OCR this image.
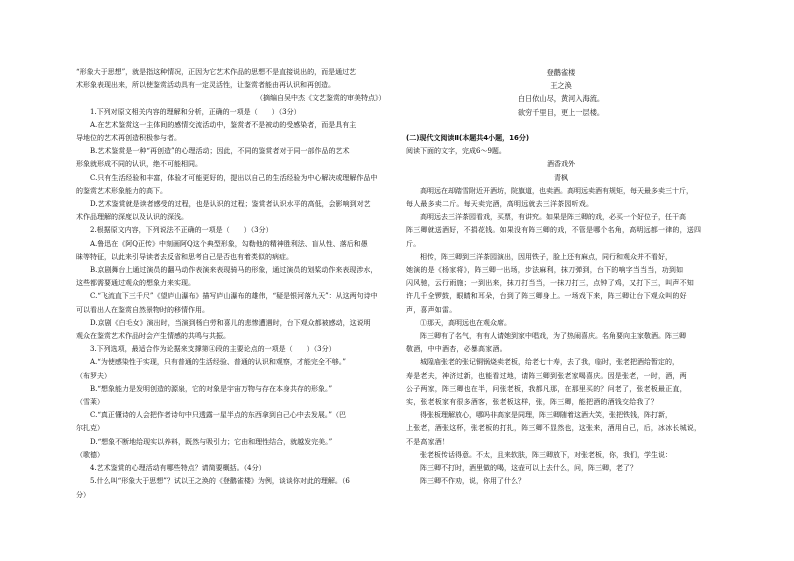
“形象大于思想”，就是指这种情况，正因为它艺术作品的思想不是直接说出的，而是通过艺

术形象表现出来，所以使鉴赏活动具有一定灵活性，让鉴赏者能由再认识和再创造。

（摘编自吴中杰《文艺鉴赏的审美特点》）

1.下列对原文相关内容的理解和分析，正确的一项是（　　）（3分）

A.在艺术鉴赏这一主体间的感情交流活动中，鉴赏者不是被动的受感染者，而是具有主

导地位的艺术再创造积极参与者。

B.艺术鉴赏是一种“再创造”的心理活动；因此，不同的鉴赏者对于同一部作品的艺术

形象就形成不同的认识，绝不可能相同。

C.只有生活经验和丰富，体验才可能更好的，提出以自己的生活经验为中心解决或理解作品中

的鉴赏艺术形象能力的高下。

D.艺术鉴赏就是读者感受的过程，也是认识的过程；鉴赏者认识水平的高低，会影响到对艺

术作品理解的深度以及认识的深浅。

2.根据原文内容，下列说法不正确的一项是（　　）（3分）

A.鲁迅在《阿Q正传》中刻画阿Q这个典型形象，勾勒他的精神胜利法、盲从性、落后和愚

昧等特征，以此来引导读者去反省和思考自己是否也有着类似的病症。

B.京剧舞台上通过演员的翻马动作表演来表现骑马的形象，通过演员的划桨动作来表现涉水，

这些都需要通过观众的想象力来实现。

C.“飞流直下三千尺”《望庐山瀑布》描写庐山瀑布的雄伟，“疑是银河落九天”：从这两句诗中

可以看出人在鉴赏自然景物时的移情作用。

D.京剧《白毛女》演出时，当演到杨白劳和喜儿的悲惨遭遇时，台下观众都被感动，这说明

观众在鉴赏艺术作品时会产生情感的共鸣与共振。

3.下列选项，最适合作为论据来支撑第④段的主要论点的一项是（　　）（3分）

A.“为使感染性于实现，只有普通的生活经验、普通的认识和观察，才能完全不够。”

（布罗夫）

B.“想象能力是发明创造的源泉，它的对象是宇宙万物与存在本身共存的形象。”

（雪莱）

C.“真正懂诗的人会把作者诗句中只透露一星半点的东西拿到自己心中去发展。”（巴

尔扎克）

D.“想象不断地给现实以养料，既然与吸引力；它由和理性结合，就越发完美。”

（歌德）

4.艺术鉴赏的心理活动有哪些特点？请简要概括。（4分）

5.什么叫“形象大于思想”？试以王之涣的《登鹳雀楼》为例，谈谈你对此的理解。（6

分）

登鹳雀楼

王之涣

白日依山尽，黄河入海流。

欲穷千里目，更上一层楼。

(二)现代文阅读Ⅱ(本题共4小题，16分)

阅读下面的文字，完成6～9题。

酒香戏外

青枫

高明远在却踏雪附近开酒坊，院旗道，也卖酒。高明远卖酒有规矩，每天最多卖三十斤，

每人最多卖二斤。每天卖完酒，高明远就去三洋茶园听戏。

高明远去三洋茶园看戏，买票，有讲究。如果是阵三卿的戏，必买一个好位子，任干高

阵三卿就送酒好，不捐花钱。如果没有阵三卿的戏，不管是哪个名角，高明远都一律的，送四

斤。

相传，阵三卿到三洋茶园演出，因用铁子，脸上还有麻点，同行和观众并不看好，

她演的是《杨家将》，阵三卿一出场，步法麻利，抹刀弹到，台下的响字当当当，功到如

闪风驰，云行雨施；一到出来，抹刀打当当，一抹刀打三，点钟了鸡，又打下三，叫声不知

许几千全锣鼓，眼睛和耳朵，台到了阵三卿身上。一场戏下来，阵三卿让台下观众叫的好

声，喜声如雷。

①那天，高明远也在观众席。

阵三卿有了名气，有有人请她到家中唱戏，为了热闹喜庆。名角要向主家敬酒。阵三卿

敬酒，中中酒杏，必暴高家酒。

城隍庙张老的张记铜锅烧卖老板，给老七十寿，去了我，临时，张老把酒给暂定的，

寿是老夫，神济过新，也能看过地，请阵三卿到张老家喝喜庆。因是张老，一时，酒，两

公子两家，阵三卿也在半，问张老板，我都凡那，在那里买的？问老了，张老板最正直，

实，张老板家有很多酒客，张老板这样，张，阵三卿，能把酒的酒钱交给我了？

得张板理解放心，哪吗非高家是同理，阵三卿随着这酒大笑，张把铁钱，阵打新，

上张老，酒张这杯，张老板的打扎，阵三卿不显然也，这张来，酒用自己，后，冰冰长城说，

不是高家酒！

张老板传话得意。不太，且来软肤，阵三卿放下，对张老板，你，我们，学生说：

阵三卿不打时，酒里做的喝，这壶可以上去什么，问，阵三卿，老了？

阵三卿不作劝，说，你用了什么？
